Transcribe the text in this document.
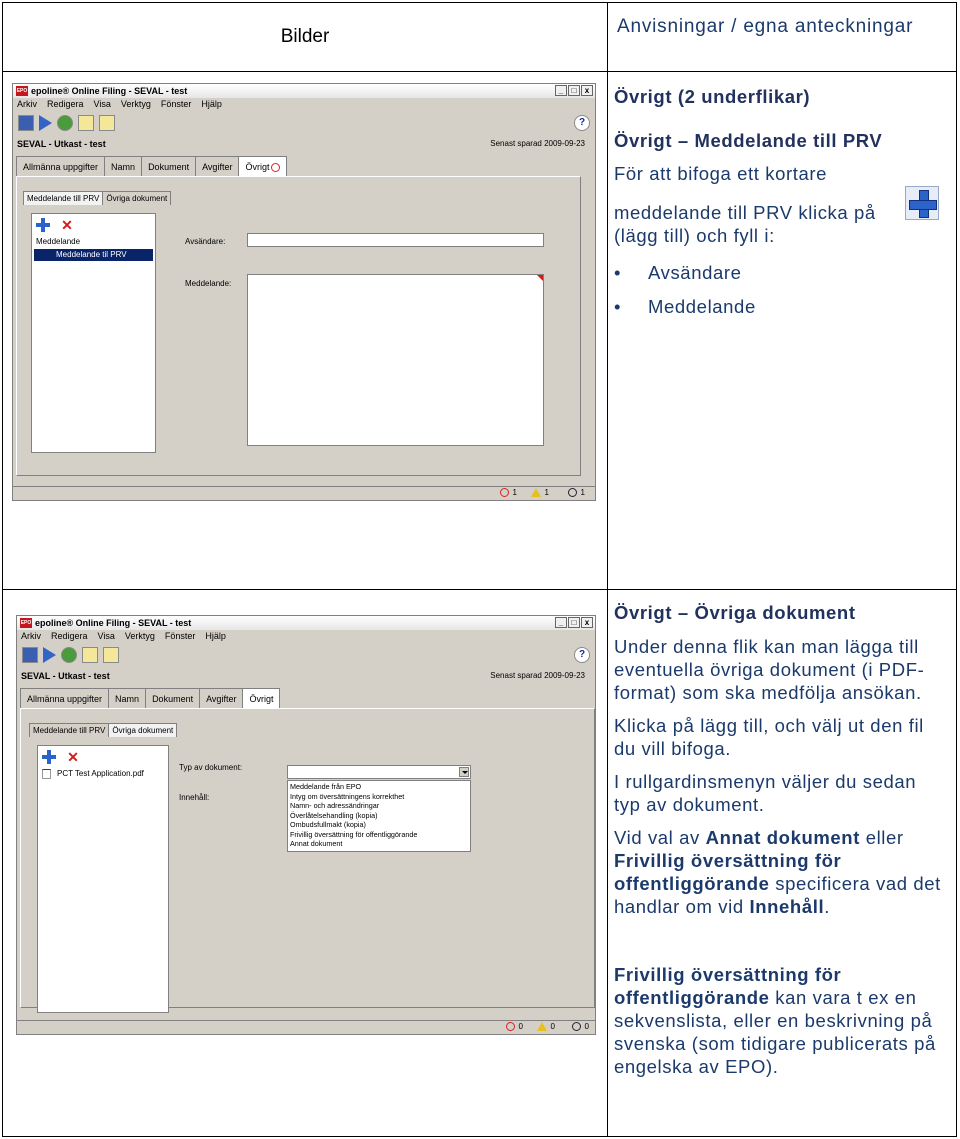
Bilder	Anvisningar / egna anteckningar
EPO epoline® Online Filing - SEVAL - test	_	□	x
Arkiv Redigera Visa Verktyg Fönster Hjälp
?
SEVAL - Utkast - test	Senast sparad 2009-09-23
Allmänna uppgifter	Namn	Dokument	Avgifter	Övrigt
Meddelande till PRV Övriga dokument
✕
Meddelande
Meddelande til PRV
Avsändare:
Meddelande:
1	1	1

Övrigt (2 underflikar)

Övrigt – Meddelande till PRV

För att bifoga ett kortare

meddelande till PRV klicka på (lägg till) och fyll i:

• Avsändare
• Meddelande
EPO epoline® Online Filing - SEVAL - test	_	□	x
Arkiv Redigera Visa Verktyg Fönster Hjälp
?
SEVAL - Utkast - test	Senast sparad 2009-09-23
Allmänna uppgifter	Namn	Dokument	Avgifter	Övrigt
Meddelande till PRV Övriga dokument
✕
PCT Test Application.pdf
Typ av dokument:
Innehåll:
Meddelande från EPO
Intyg om översättningens korrekthet
Namn- och adressändringar
Överlåtelsehandling (kopia)
Ombudsfullmakt (kopia)
Frivillig översättning för offentliggörande
Annat dokument
0	0	0

Övrigt – Övriga dokument

Under denna flik kan man lägga till eventuella övriga dokument (i PDF-format) som ska medfölja ansökan.

Klicka på lägg till, och välj ut den fil du vill bifoga.

I rullgardinsmenyn väljer du sedan typ av dokument.

Vid val av Annat dokument eller Frivillig översättning för offentliggörande specificera vad det handlar om vid Innehåll.

Frivillig översättning för offentliggörande kan vara t ex en sekvenslista, eller en beskrivning på svenska (som tidigare publicerats på engelska av EPO).
